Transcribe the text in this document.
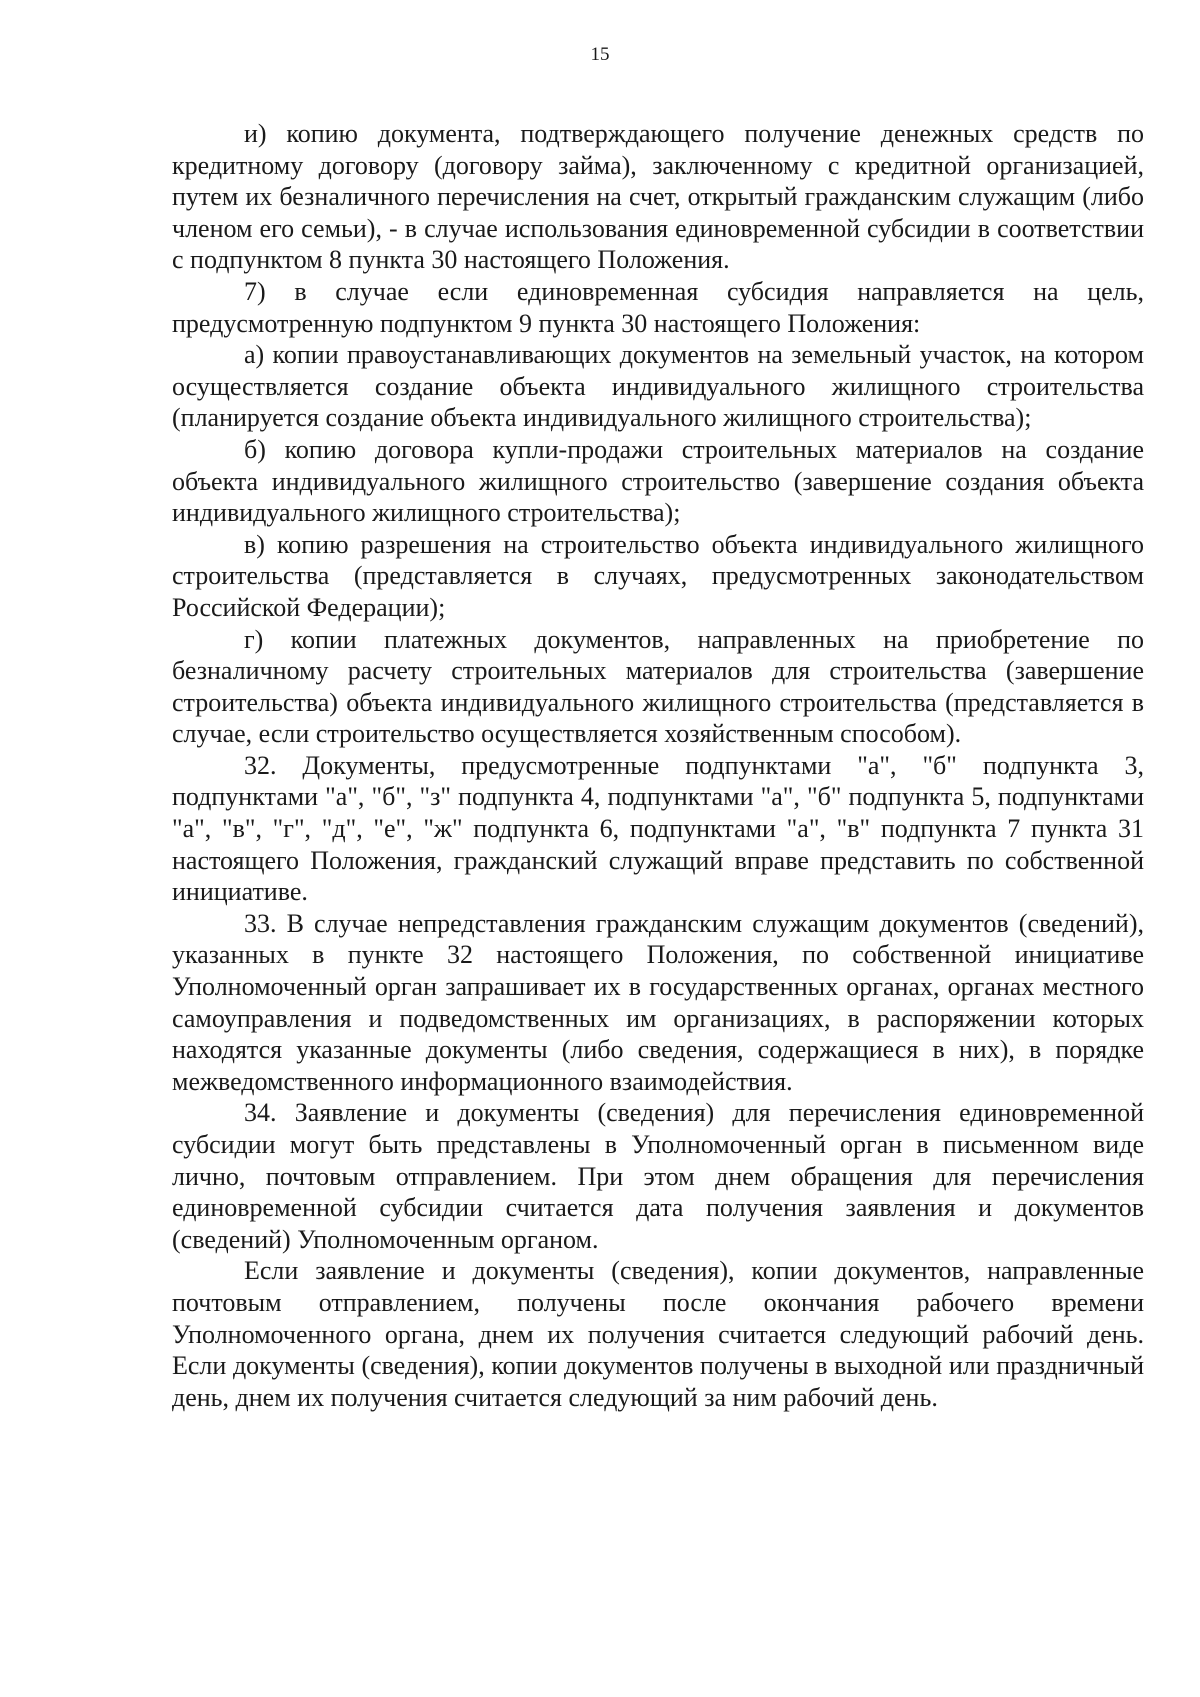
15

и) копию документа, подтверждающего получение денежных средств по кредитному договору (договору займа), заключенному с кредитной организацией, путем их безналичного перечисления на счет, открытый гражданским служащим (либо членом его семьи), - в случае использования единовременной субсидии в соответствии с подпунктом 8 пункта 30 настоящего Положения.

7) в случае если единовременная субсидия направляется на цель, предусмотренную подпунктом 9 пункта 30 настоящего Положения:

а) копии правоустанавливающих документов на земельный участок, на котором осуществляется создание объекта индивидуального жилищного строительства (планируется создание объекта индивидуального жилищного строительства);

б) копию договора купли-продажи строительных материалов на создание объекта индивидуального жилищного строительство (завершение создания объекта индивидуального жилищного строительства);

в) копию разрешения на строительство объекта индивидуального жилищного строительства (представляется в случаях, предусмотренных законодательством Российской Федерации);

г) копии платежных документов, направленных на приобретение по безналичному расчету строительных материалов для строительства (завершение строительства) объекта индивидуального жилищного строительства (представляется в случае, если строительство осуществляется хозяйственным способом).

32. Документы, предусмотренные подпунктами "а", "б" подпункта 3, подпунктами "а", "б", "з" подпункта 4, подпунктами "а", "б" подпункта 5, подпунктами "а", "в", "г", "д", "е", "ж" подпункта 6, подпунктами "а", "в" подпункта 7 пункта 31 настоящего Положения, гражданский служащий вправе представить по собственной инициативе.

33. В случае непредставления гражданским служащим документов (сведений), указанных в пункте 32 настоящего Положения, по собственной инициативе Уполномоченный орган запрашивает их в государственных органах, органах местного самоуправления и подведомственных им организациях, в распоряжении которых находятся указанные документы (либо сведения, содержащиеся в них), в порядке межведомственного информационного взаимодействия.

34. Заявление и документы (сведения) для перечисления единовременной субсидии могут быть представлены в Уполномоченный орган в письменном виде лично, почтовым отправлением. При этом днем обращения для перечисления единовременной субсидии считается дата получения заявления и документов (сведений) Уполномоченным органом.

Если заявление и документы (сведения), копии документов, направленные почтовым отправлением, получены после окончания рабочего времени Уполномоченного органа, днем их получения считается следующий рабочий день. Если документы (сведения), копии документов получены в выходной или праздничный день, днем их получения считается следующий за ним рабочий день.
